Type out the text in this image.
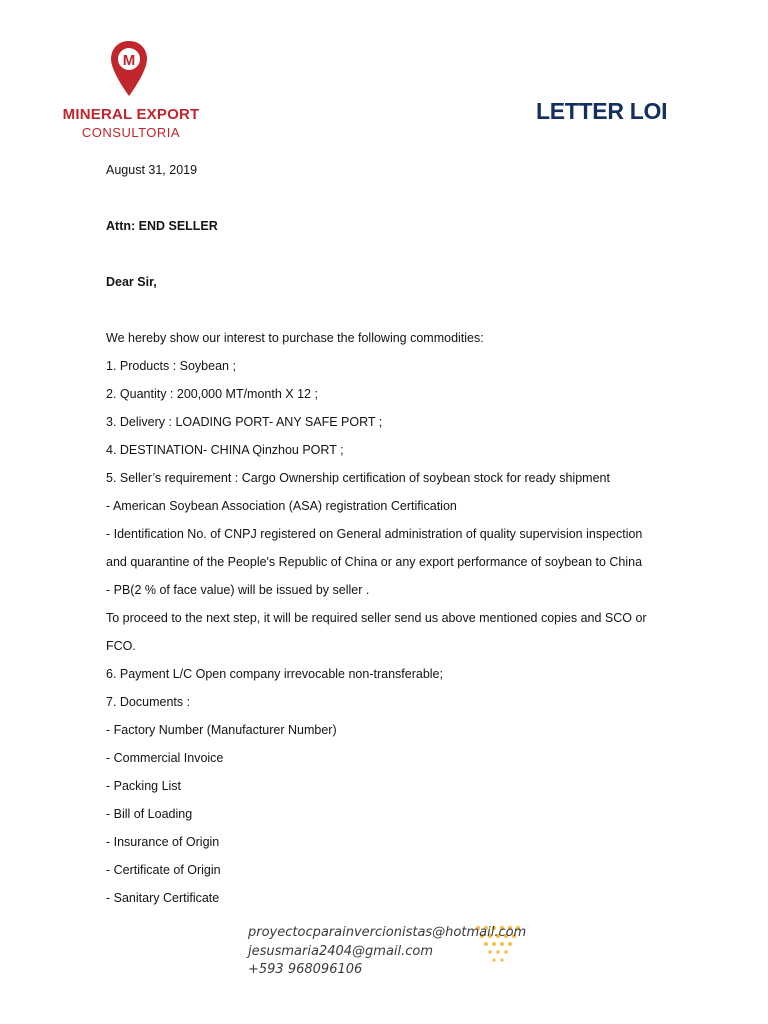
M
MINERAL EXPORT
CONSULTORIA
LETTER LOI
August 31, 2019
Attn: END SELLER
Dear Sir,
We hereby show our interest to purchase the following commodities:
1. Products : Soybean ;
2. Quantity : 200,000 MT/month X 12 ;
3. Delivery : LOADING PORT- ANY SAFE PORT ;
4. DESTINATION- CHINA Qinzhou PORT ;
5. Seller’s requirement : Cargo Ownership certification of soybean stock for ready shipment
- American Soybean Association (ASA) registration Certification
- Identification No. of CNPJ registered on General administration of quality supervision inspection
and quarantine of the People's Republic of China or any export performance of soybean to China
- PB(2 % of face value) will be issued by seller .
To proceed to the next step, it will be required seller send us above mentioned copies and SCO or
FCO.
6. Payment L/C Open company irrevocable non-transferable;
7. Documents :
- Factory Number (Manufacturer Number)
- Commercial Invoice
- Packing List
- Bill of Loading
- Insurance of Origin
- Certificate of Origin
- Sanitary Certificate
proyectocparainvercionistas@hotmail.com
jesusmaria2404@gmail.com
+593 968096106
